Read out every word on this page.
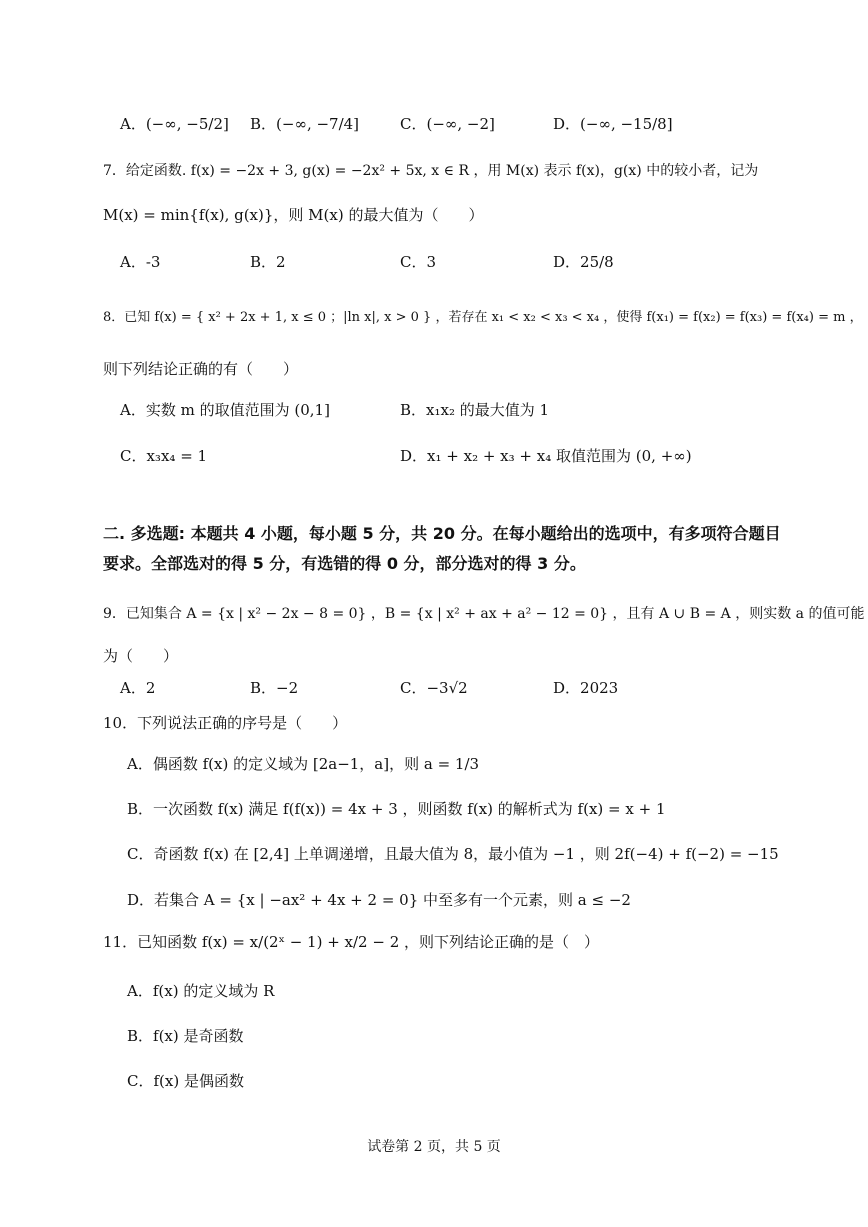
A．(−∞, −5/2] B．(−∞, −7/4]	C．(−∞, −2]	D．(−∞, −15/8]
7．给定函数. f(x) = −2x + 3, g(x) = −2x² + 5x, x ∈ R ，用 M(x) 表示 f(x)，g(x) 中的较小者，记为
M(x) = min{f(x), g(x)}，则 M(x) 的最大值为（　　）
A．-3	B．2	C．3	D．25/8
8．已知 f(x) = { x² + 2x + 1, x ≤ 0 ；|ln x|, x > 0 } ，若存在 x₁ < x₂ < x₃ < x₄ ，使得 f(x₁) = f(x₂) = f(x₃) = f(x₄) = m ，
则下列结论正确的有（　　）
A．实数 m 的取值范围为 (0,1]	B．x₁x₂ 的最大值为 1
C．x₃x₄ = 1	D．x₁ + x₂ + x₃ + x₄ 取值范围为 (0, +∞)
二. 多选题: 本题共 4 小题，每小题 5 分，共 20 分。在每小题给出的选项中，有多项符合题目要求。全部选对的得 5 分，有选错的得 0 分，部分选对的得 3 分。
9．已知集合 A = {x | x² − 2x − 8 = 0} ，B = {x | x² + ax + a² − 12 = 0} ，且有 A ∪ B = A ，则实数 a 的值可能
为（　　）
A．2	B．−2	C．−3√2	D．2023
10．下列说法正确的序号是（　　）
A．偶函数 f(x) 的定义域为 [2a−1，a]，则 a = 1/3
B．一次函数 f(x) 满足 f(f(x)) = 4x + 3 ，则函数 f(x) 的解析式为 f(x) = x + 1
C．奇函数 f(x) 在 [2,4] 上单调递增，且最大值为 8，最小值为 −1 ，则 2f(−4) + f(−2) = −15
D．若集合 A = {x | −ax² + 4x + 2 = 0} 中至多有一个元素，则 a ≤ −2
11．已知函数 f(x) = x/(2ˣ − 1) + x/2 − 2 ，则下列结论正确的是（　）
A．f(x) 的定义域为 R
B．f(x) 是奇函数
C．f(x) 是偶函数
试卷第 2 页，共 5 页
